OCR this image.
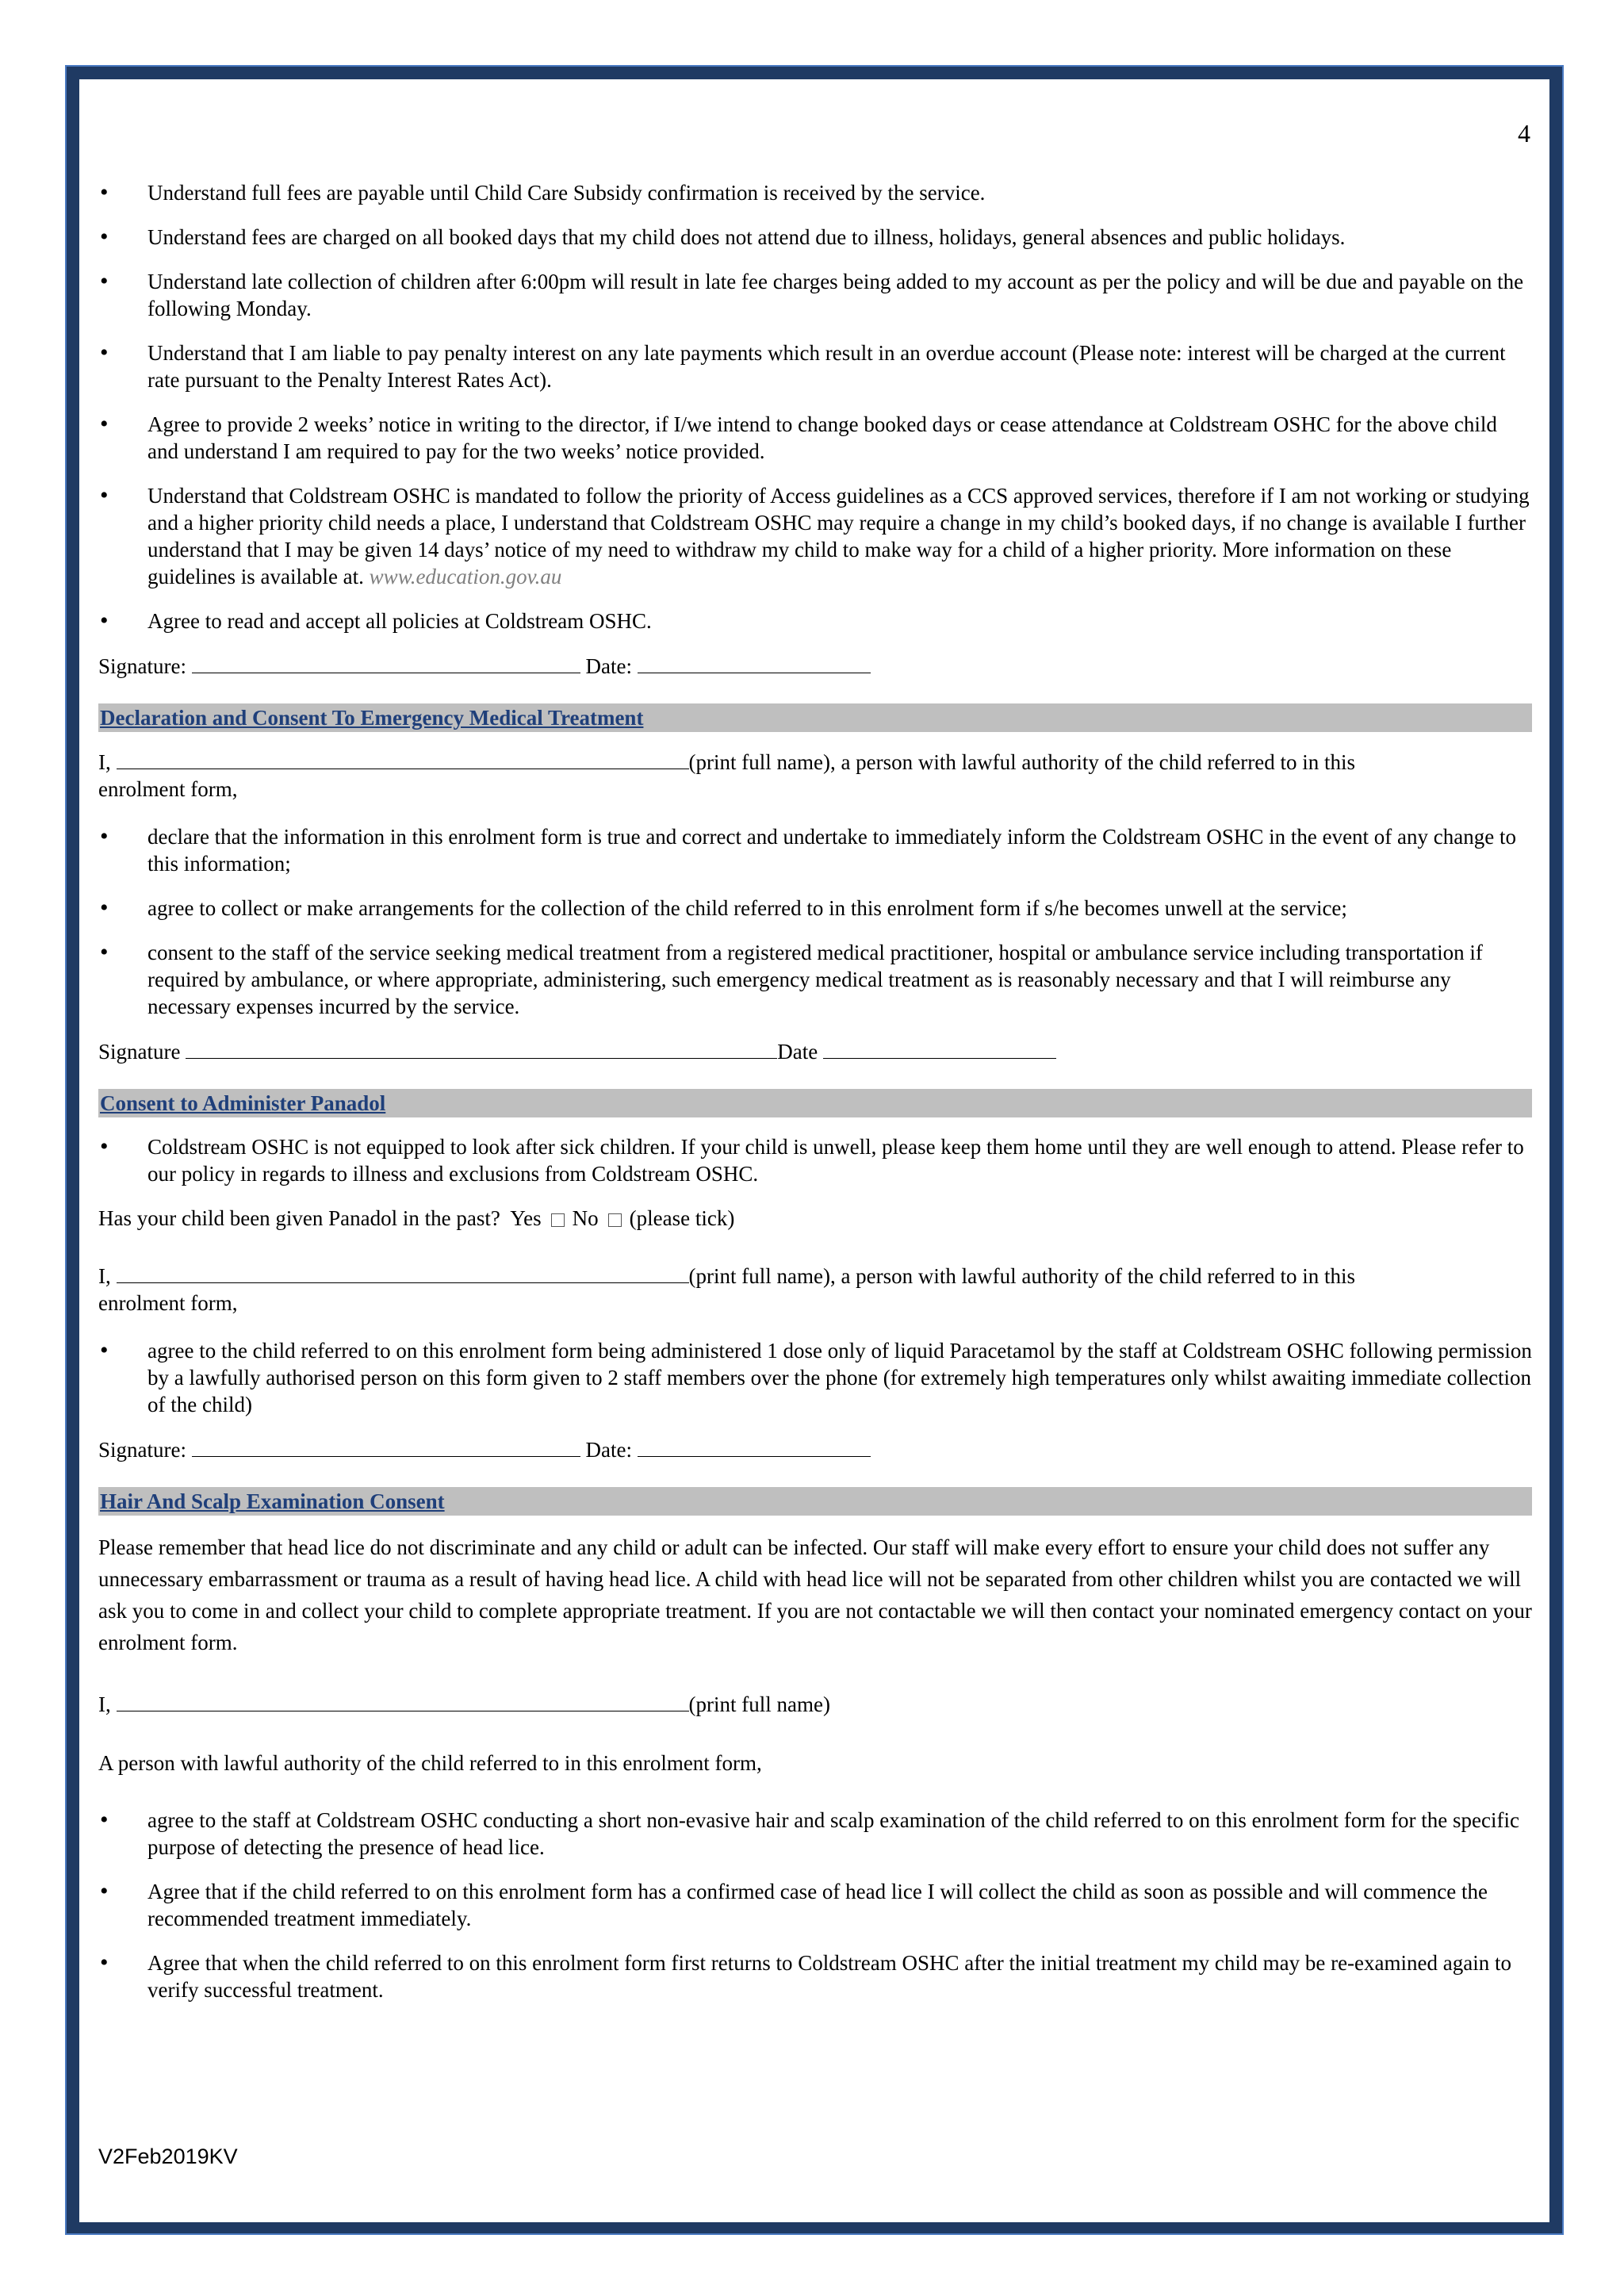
4
• Understand full fees are payable until Child Care Subsidy confirmation is received by the service.
• Understand fees are charged on all booked days that my child does not attend due to illness, holidays, general absences and public holidays.
• Understand late collection of children after 6:00pm will result in late fee charges being added to my account as per the policy and will be due and payable on the following Monday.
• Understand that I am liable to pay penalty interest on any late payments which result in an overdue account (Please note: interest will be charged at the current rate pursuant to the Penalty Interest Rates Act).
• Agree to provide 2 weeks’ notice in writing to the director, if I/we intend to change booked days or cease attendance at Coldstream OSHC for the above child and understand I am required to pay for the two weeks’ notice provided.
• Understand that Coldstream OSHC is mandated to follow the priority of Access guidelines as a CCS approved services, therefore if I am not working or studying and a higher priority child needs a place, I understand that Coldstream OSHC may require a change in my child’s booked days, if no change is available I further understand that I may be given 14 days’ notice of my need to withdraw my child to make way for a child of a higher priority. More information on these guidelines is available at. www.education.gov.au
• Agree to read and accept all policies at Coldstream OSHC.
Signature:	Date:
Declaration and Consent To Emergency Medical Treatment
I,	(print full name), a person with lawful authority of the child referred to in this
enrolment form,
• declare that the information in this enrolment form is true and correct and undertake to immediately inform the Coldstream OSHC in the event of any change to this information;
• agree to collect or make arrangements for the collection of the child referred to in this enrolment form if s/he becomes unwell at the service;
• consent to the staff of the service seeking medical treatment from a registered medical practitioner, hospital or ambulance service including transportation if required by ambulance, or where appropriate, administering, such emergency medical treatment as is reasonably necessary and that I will reimburse any necessary expenses incurred by the service.
Signature	Date
Consent to Administer Panadol
• Coldstream OSHC is not equipped to look after sick children. If your child is unwell, please keep them home until they are well enough to attend. Please refer to our policy in regards to illness and exclusions from Coldstream OSHC.
Has your child been given Panadol in the past? Yes No (please tick)
I,	(print full name), a person with lawful authority of the child referred to in this
enrolment form,
• agree to the child referred to on this enrolment form being administered 1 dose only of liquid Paracetamol by the staff at Coldstream OSHC following permission by a lawfully authorised person on this form given to 2 staff members over the phone (for extremely high temperatures only whilst awaiting immediate collection of the child)
Signature:	Date:
Hair And Scalp Examination Consent
Please remember that head lice do not discriminate and any child or adult can be infected. Our staff will make every effort to ensure your child does not suffer any unnecessary embarrassment or trauma as a result of having head lice. A child with head lice will not be separated from other children whilst you are contacted we will ask you to come in and collect your child to complete appropriate treatment. If you are not contactable we will then contact your nominated emergency contact on your enrolment form.
I,	(print full name)
A person with lawful authority of the child referred to in this enrolment form,
• agree to the staff at Coldstream OSHC conducting a short non-evasive hair and scalp examination of the child referred to on this enrolment form for the specific purpose of detecting the presence of head lice.
• Agree that if the child referred to on this enrolment form has a confirmed case of head lice I will collect the child as soon as possible and will commence the recommended treatment immediately.
• Agree that when the child referred to on this enrolment form first returns to Coldstream OSHC after the initial treatment my child may be re-examined again to verify successful treatment.
V2Feb2019KV
